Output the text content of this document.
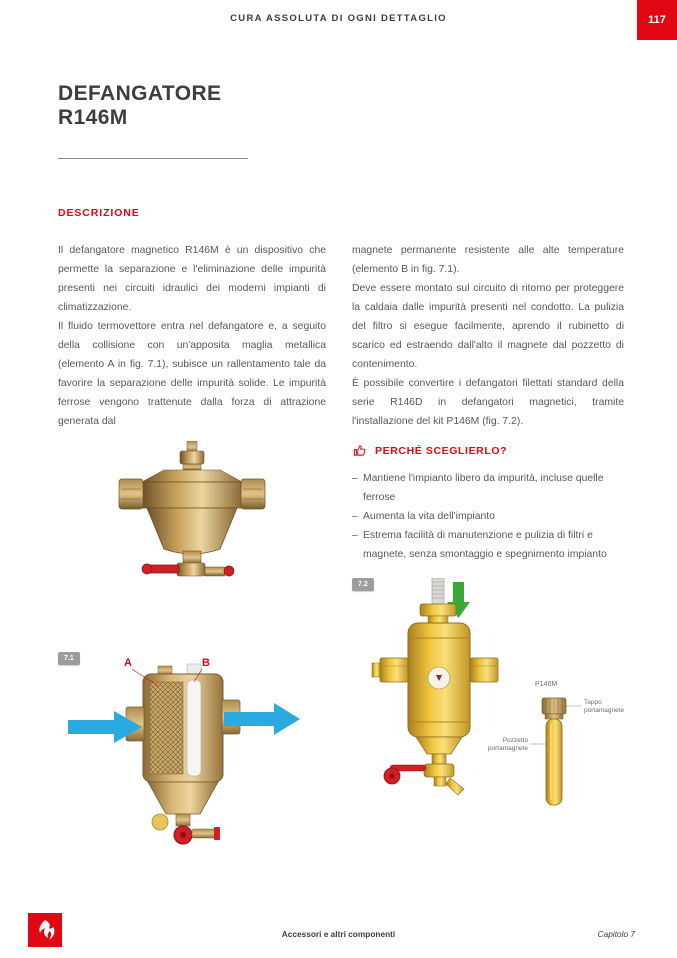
CURA ASSOLUTA DI OGNI DETTAGLIO	117
DEFANGATORE
R146M
DESCRIZIONE

Il defangatore magnetico R146M è un dispositivo che permette la separazione e l'eliminazione delle impurità presenti nei circuiti idraulici dei moderni impianti di climatizzazione.

Il fluido termovettore entra nel defangatore e, a seguito della collisione con un'apposita maglia metallica (elemento A in fig. 7.1), subisce un rallentamento tale da favorire la separazione delle impurità solide. Le impurità ferrose vengono trattenute dalla forza di attrazione generata dal

7.1	A	B

magnete permanente resistente alle alte temperature (elemento B in fig. 7.1).

Deve essere montato sul circuito di ritorno per proteggere la caldaia dalle impurità presenti nel condotto. La pulizia del filtro si esegue facilmente, aprendo il rubinetto di scarico ed estraendo dall'alto il magnete dal pozzetto di contenimento.

È possibile convertire i defangatori filettati standard della serie R146D in defangatori magnetici, tramite l'installazione del kit P146M (fig. 7.2).

PERCHÉ SCEGLIERLO?
– Mantiene l'impianto libero da impurità, incluse quelle ferrose
– Aumenta la vita dell'impianto
– Estrema facilità di manutenzione e pulizia di filtri e magnete, senza smontaggio e spegnimento impianto
7.2
P146M
Tappo portamagnete
Pozzetto portamagnete
Accessori e altri componenti	Capitolo 7
